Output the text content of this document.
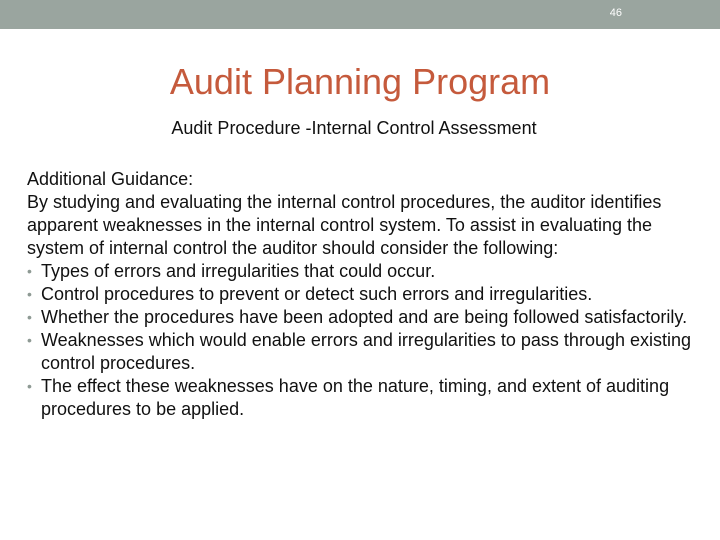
46
Audit Planning Program
Audit Procedure -Internal Control Assessment

Additional Guidance:

By studying and evaluating the internal control procedures, the auditor identifies apparent weaknesses in the internal control system. To assist in evaluating the system of internal control the auditor should consider the following:

• Types of errors and irregularities that could occur.
• Control procedures to prevent or detect such errors and irregularities.
• Whether the procedures have been adopted and are being followed satisfactorily.
• Weaknesses which would enable errors and irregularities to pass through existing control procedures.
• The effect these weaknesses have on the nature, timing, and extent of auditing procedures to be applied.
